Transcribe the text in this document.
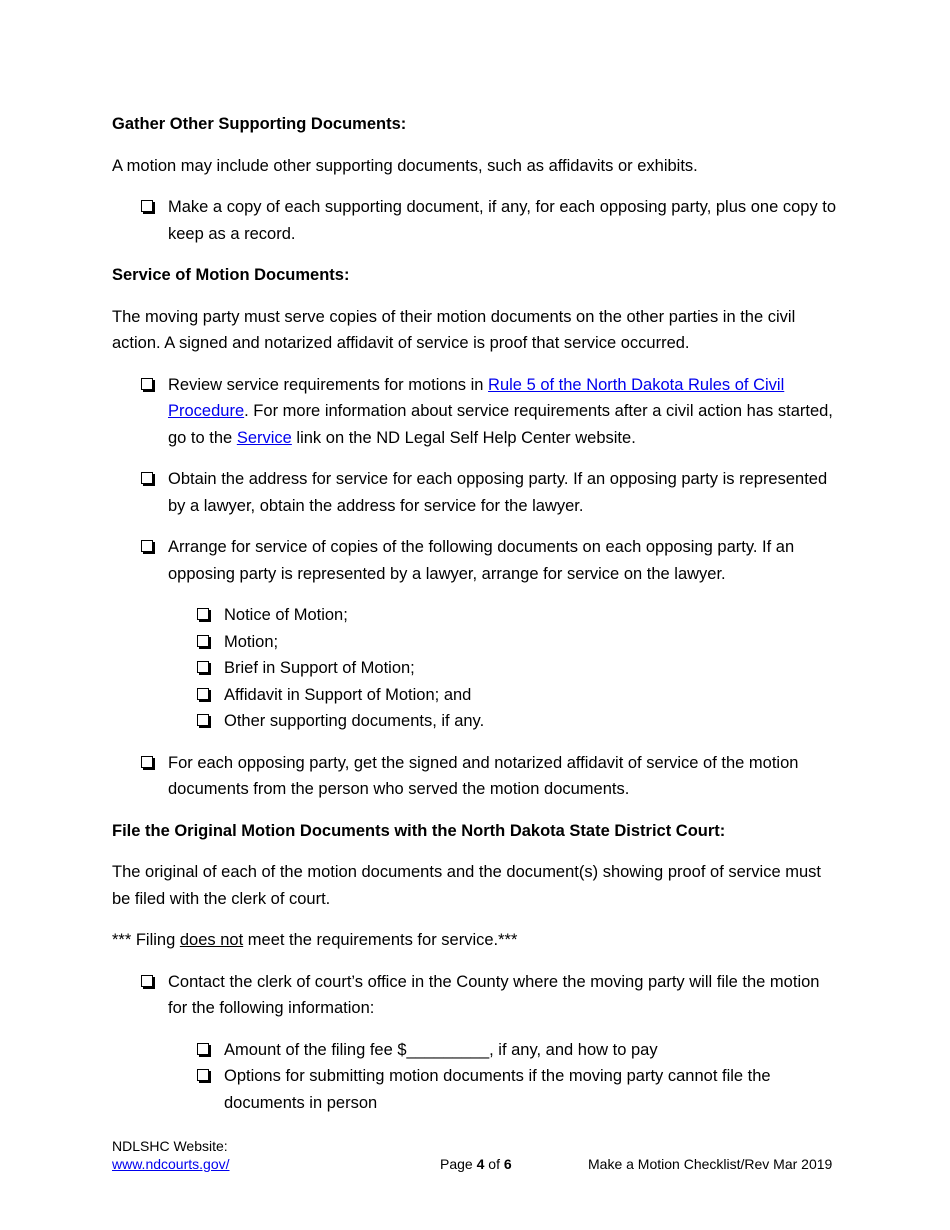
Gather Other Supporting Documents:

A motion may include other supporting documents, such as affidavits or exhibits.

Make a copy of each supporting document, if any, for each opposing party, plus one copy to keep as a record.
Service of Motion Documents:

The moving party must serve copies of their motion documents on the other parties in the civil action. A signed and notarized affidavit of service is proof that service occurred.

Review service requirements for motions in Rule 5 of the North Dakota Rules of Civil Procedure. For more information about service requirements after a civil action has started, go to the Service link on the ND Legal Self Help Center website.
Obtain the address for service for each opposing party. If an opposing party is represented by a lawyer, obtain the address for service for the lawyer.
Arrange for service of copies of the following documents on each opposing party. If an opposing party is represented by a lawyer, arrange for service on the lawyer.
Notice of Motion;
Motion;
Brief in Support of Motion;
Affidavit in Support of Motion; and
Other supporting documents, if any.
For each opposing party, get the signed and notarized affidavit of service of the motion documents from the person who served the motion documents.
File the Original Motion Documents with the North Dakota State District Court:

The original of each of the motion documents and the document(s) showing proof of service must be filed with the clerk of court.

*** Filing does not meet the requirements for service.***

Contact the clerk of court’s office in the County where the moving party will file the motion for the following information:
Amount of the filing fee $_________, if any, and how to pay
Options for submitting motion documents if the moving party cannot file the documents in person
NDLSHC Website:
www.ndcourts.gov/	Page 4 of 6	Make a Motion Checklist/Rev Mar 2019
